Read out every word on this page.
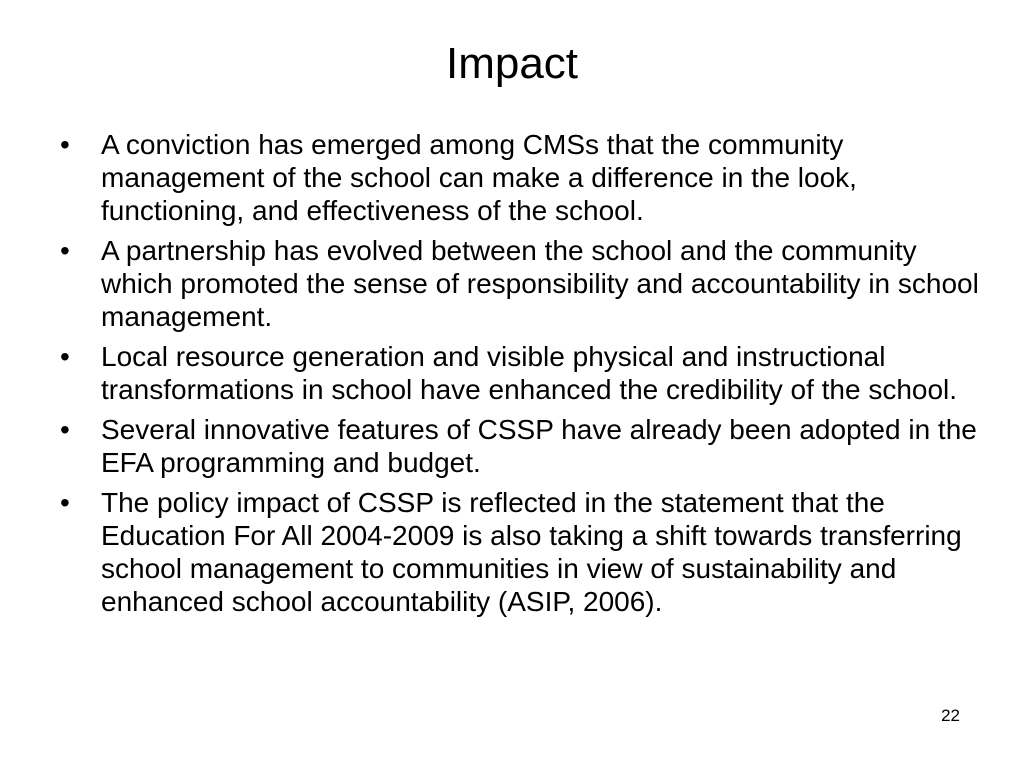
Impact
•	A conviction has emerged among CMSs that the community management of the school can make a difference in the look, functioning, and effectiveness of the school.
•	A partnership has evolved between the school and the community which promoted the sense of responsibility and accountability in school management.
•	Local resource generation and visible physical and instructional transformations in school have enhanced the credibility of the school.
•	Several innovative features of CSSP have already been adopted in the EFA programming and budget.
•	The policy impact of CSSP is reflected in the statement that the Education For All 2004-2009 is also taking a shift towards transferring school management to communities in view of sustainability and enhanced school accountability (ASIP, 2006).
22
